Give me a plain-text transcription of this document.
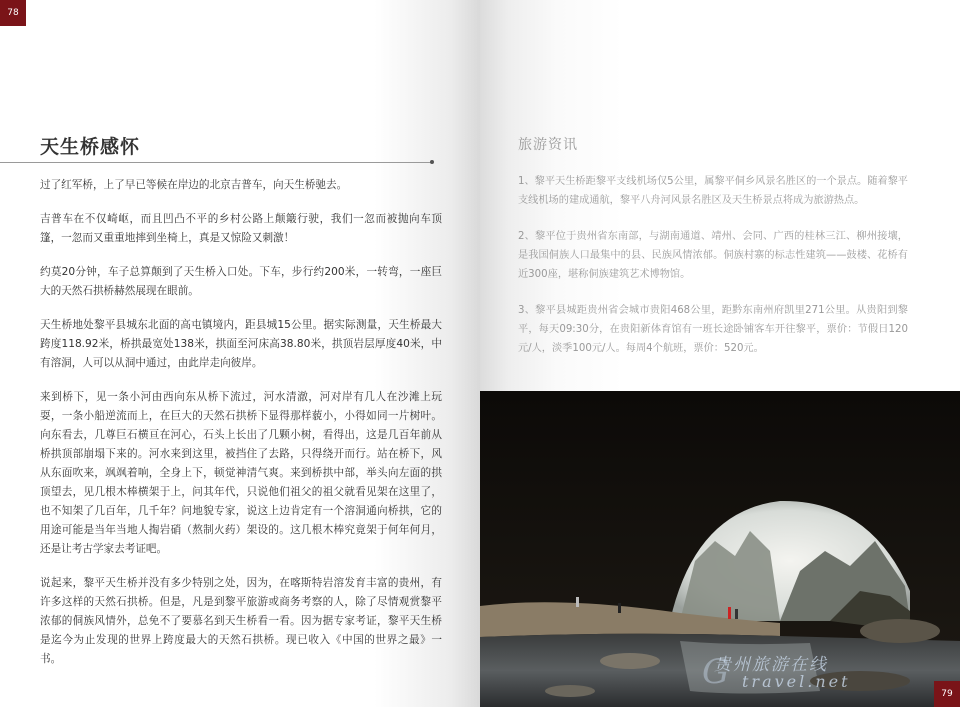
78
天生桥感怀

过了红军桥，上了早已等候在岸边的北京吉普车，向天生桥驰去。

吉普车在不仅崎岖，而且凹凸不平的乡村公路上颠簸行驶，我们一忽而被抛向车顶篷，一忽而又重重地摔到坐椅上，真是又惊险又刺激！

约莫20分钟，车子总算颠到了天生桥入口处。下车，步行约200米，一转弯，一座巨大的天然石拱桥赫然展现在眼前。

天生桥地处黎平县城东北面的高屯镇境内，距县城15公里。据实际测量，天生桥最大跨度118.92米，桥拱最宽处138米，拱面至河床高38.80米，拱顶岩层厚度40米，中有溶洞，人可以从洞中通过，由此岸走向彼岸。

来到桥下，见一条小河由西向东从桥下流过，河水清澈，河对岸有几人在沙滩上玩耍，一条小船逆流而上，在巨大的天然石拱桥下显得那样藐小，小得如同一片树叶。向东看去，几尊巨石横亘在河心，石头上长出了几颗小树，看得出，这是几百年前从桥拱顶部崩塌下来的。河水来到这里，被挡住了去路，只得绕开而行。站在桥下，风从东面吹来，飒飒着响，全身上下，顿觉神清气爽。来到桥拱中部，举头向左面的拱顶望去，见几根木棒横架于上，问其年代，只说他们祖父的祖父就看见架在这里了，也不知架了几百年，几千年？问地貌专家，说这上边肯定有一个溶洞通向桥拱，它的用途可能是当年当地人掏岩硝（熬制火药）架设的。这几根木棒究竟架于何年何月，还是让考古学家去考证吧。

说起来，黎平天生桥并没有多少特别之处，因为，在喀斯特岩溶发育丰富的贵州，有许多这样的天然石拱桥。但是，凡是到黎平旅游或商务考察的人，除了尽情观赏黎平浓郁的侗族风情外，总免不了要慕名到天生桥看一看。因为据专家考证，黎平天生桥是迄今为止发现的世界上跨度最大的天然石拱桥。现已收入《中国的世界之最》一书。

旅游资讯

1、黎平天生桥距黎平支线机场仅5公里，属黎平侗乡风景名胜区的一个景点。随着黎平支线机场的建成通航，黎平八舟河风景名胜区及天生桥景点将成为旅游热点。

2、黎平位于贵州省东南部，与湖南通道、靖州、会同、广西的桂林三江、柳州接壤，是我国侗族人口最集中的县、民族风情浓郁。侗族村寨的标志性建筑——鼓楼、花桥有近300座，堪称侗族建筑艺术博物馆。

3、黎平县城距贵州省会城市贵阳468公里，距黔东南州府凯里271公里。从贵阳到黎平，每天09:30分，在贵阳新体育馆有一班长途卧铺客车开往黎平，票价：节假日120元/人，淡季100元/人。每周4个航班，票价：520元。

G
贵州旅游在线
travel.net
79
